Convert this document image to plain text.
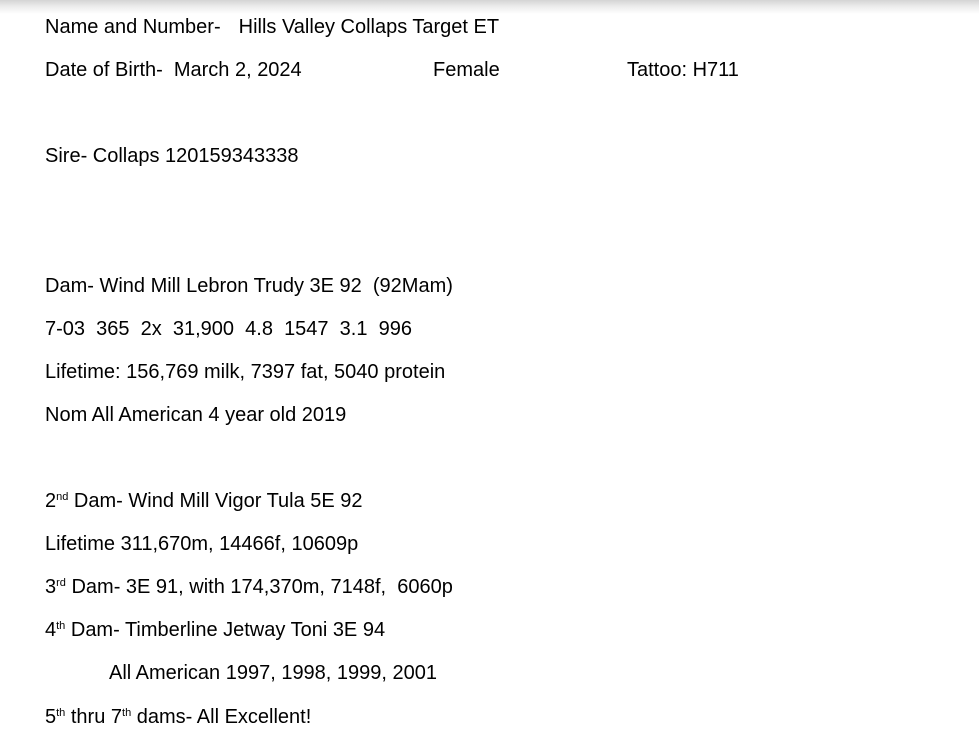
Name and Number- Hills Valley Collaps Target ET

Date of Birth- March 2, 2024	Female	Tattoo: H711

Sire- Collaps 120159343338

Dam- Wind Mill Lebron Trudy 3E 92  (92Mam)

7-03  365  2x  31,900  4.8  1547  3.1  996

Lifetime: 156,769 milk, 7397 fat, 5040 protein

Nom All American 4 year old 2019

2nd Dam- Wind Mill Vigor Tula 5E 92

Lifetime 311,670m, 14466f, 10609p

3rd Dam- 3E 91, with 174,370m, 7148f,  6060p

4th Dam- Timberline Jetway Toni 3E 94

All American 1997, 1998, 1999, 2001

5th thru 7th dams- All Excellent!
